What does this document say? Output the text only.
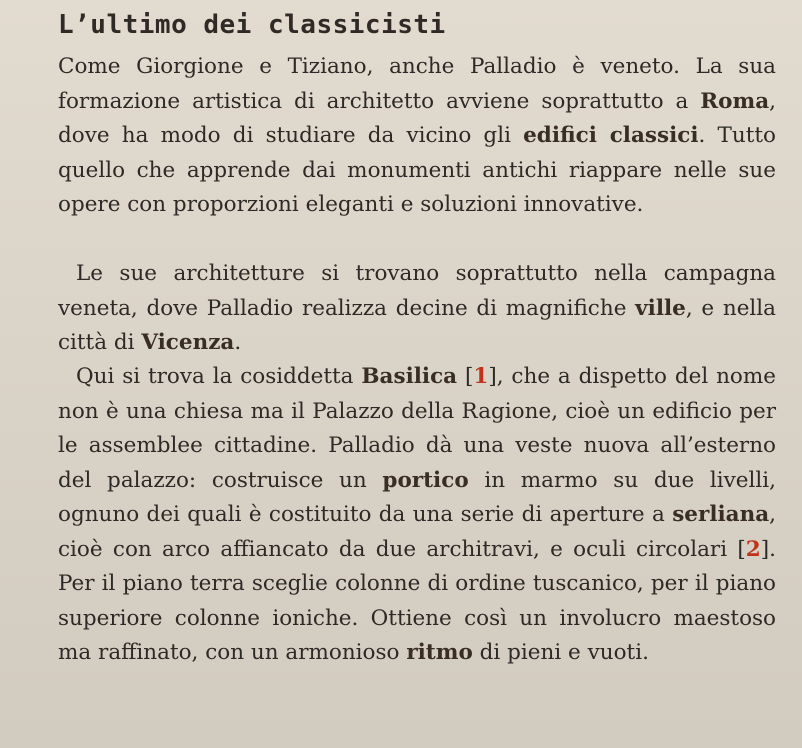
L’ultimo dei classicisti

Come Giorgione e Tiziano, anche Palladio è veneto. La sua formazione artistica di architetto avviene soprattutto a Roma, dove ha modo di studiare da vicino gli edifici classici. Tutto quello che apprende dai monumenti antichi riappare nelle sue opere con proporzioni eleganti e soluzioni innovative.

Le sue architetture si trovano soprattutto nella campagna veneta, dove Palladio realizza decine di magnifiche ville, e nella città di Vicenza.

Qui si trova la cosiddetta Basilica [1], che a dispetto del nome non è una chiesa ma il Palazzo della Ragione, cioè un edificio per le assemblee cittadine. Palladio dà una veste nuova all’esterno del palazzo: costruisce un portico in marmo su due livelli, ognuno dei quali è costituito da una serie di aperture a serliana, cioè con arco affiancato da due architravi, e oculi circolari [2]. Per il piano terra sceglie colonne di ordine tuscanico, per il piano superiore colonne ioniche. Ottiene così un involucro maestoso ma raffinato, con un armonioso ritmo di pieni e vuoti.
